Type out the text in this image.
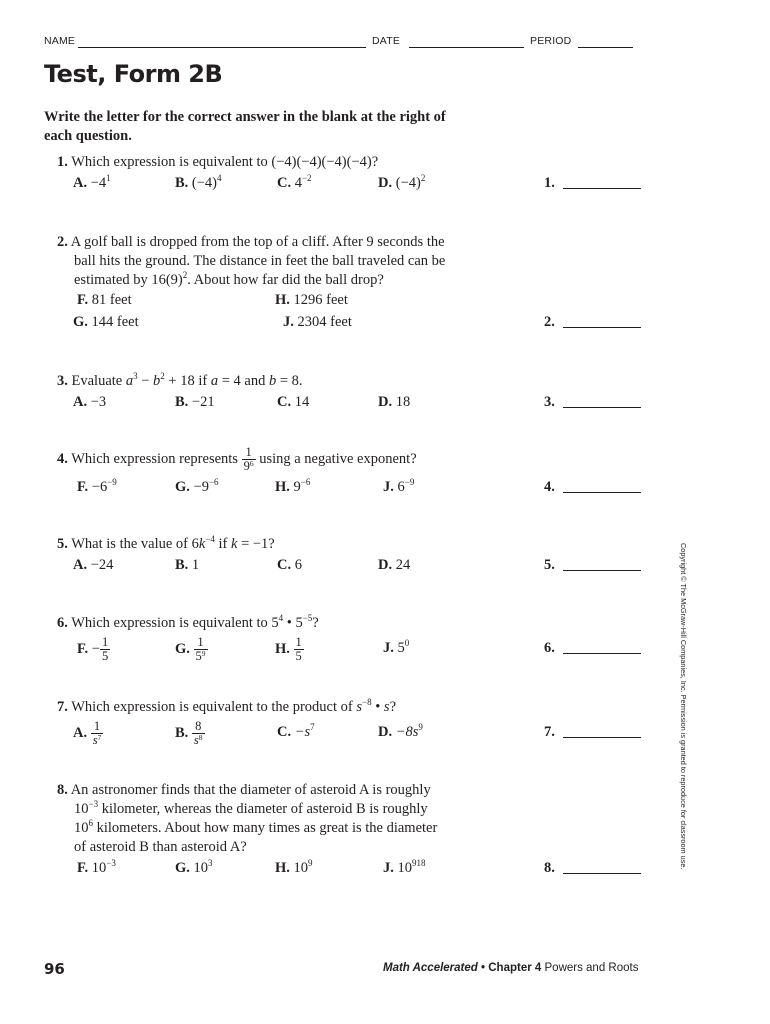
NAME	DATE	PERIOD
Test, Form 2B
Write the letter for the correct answer in the blank at the right of each question.
1. Which expression is equivalent to (−4)(−4)(−4)(−4)?
A. $-4^1$	B. $(-4)^4$	C. $4^{-2}$	D. $(-4)^2$	1.
2. A golf ball is dropped from the top of a cliff. After 9 seconds the
ball hits the ground. The distance in feet the ball traveled can be
estimated by $16(9)^2$. About how far did the ball drop?
F. 81 feet	H. 1296 feet
G. 144 feet	J. 2304 feet	2.
3. Evaluate $a^3 - b^2 + 18$ if a = 4 and b = 8.
A. −3	B. −21	C. 14	D. 18	3.
4. Which expression represents $\frac{1}{9^6}$ using a negative exponent?
F. $-6^{-9}$	G. $-9^{-6}$	H. $9^{-6}$	J. $6^{-9}$	4.
5. What is the value of $6k^{-4}$ if k = −1?
A. −24	B. 1	C. 6	D. 24	5.
6. Which expression is equivalent to $5^4$ • $5^{-5}$?
F. − $\frac{1}{5}$	G. $\frac{1}{5^9}$	H. $\frac{1}{5}$	J. $5^0$	6.
7. Which expression is equivalent to the product of $s^{-8}$ • s?
A. $\frac{1}{s^7}$	B. $\frac{8}{s^8}$	C. $-s^7$	D. $-8s^9$	7.
8. An astronomer finds that the diameter of asteroid A is roughly
$10^{-3}$ kilometer, whereas the diameter of asteroid B is roughly
$10^6$ kilometers. About how many times as great is the diameter
of asteroid B than asteroid A?
F. $10^{-3}$	G. $10^3$	H. $10^9$	J. $10^{918}$	8.	Copyright © The McGraw-Hill Companies, Inc. Permission is granted to reproduce for classroom use.
96	Math Accelerated • Chapter 4 Powers and Roots
